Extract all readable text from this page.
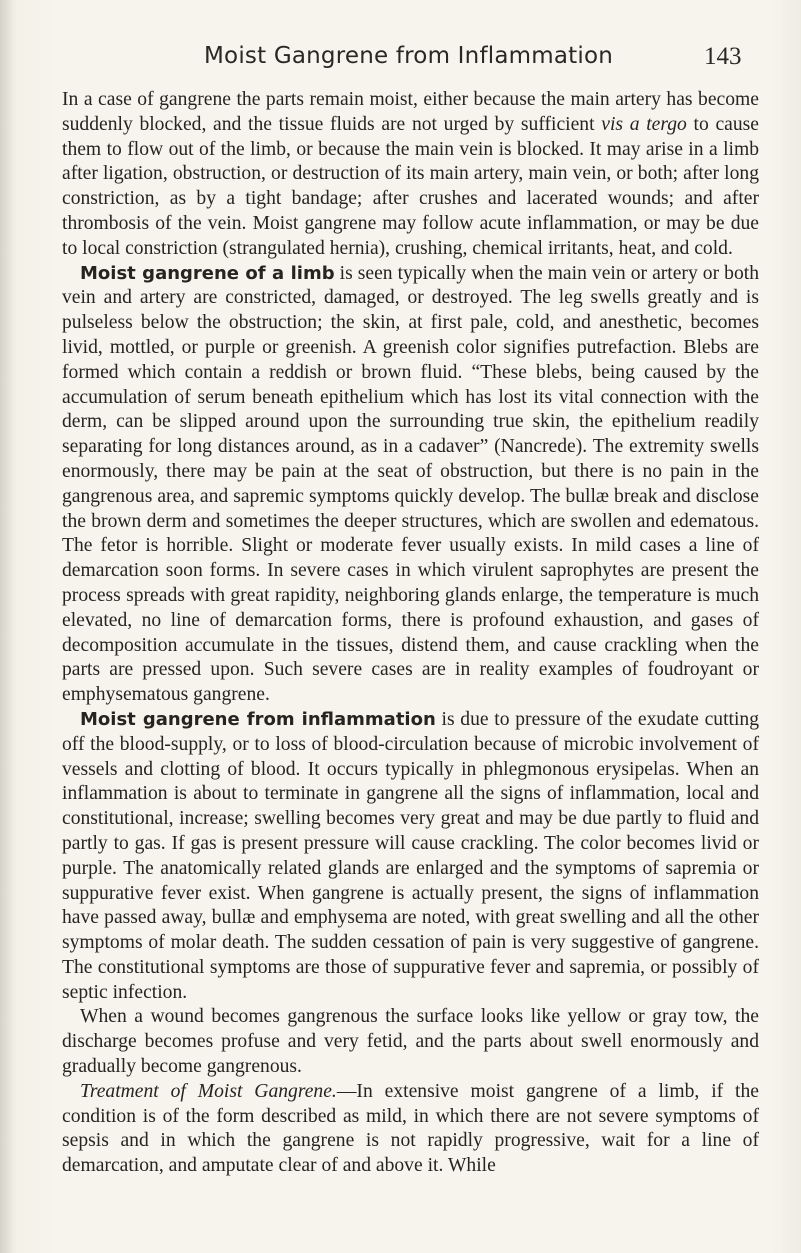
Moist Gangrene from Inflammation	143

In a case of gangrene the parts remain moist, either because the main artery has become suddenly blocked, and the tissue fluids are not urged by sufficient vis a tergo to cause them to flow out of the limb, or because the main vein is blocked. It may arise in a limb after ligation, obstruction, or destruction of its main artery, main vein, or both; after long constriction, as by a tight bandage; after crushes and lacerated wounds; and after thrombosis of the vein. Moist gangrene may follow acute inflammation, or may be due to local constriction (strangulated hernia), crushing, chemical irritants, heat, and cold.

Moist gangrene of a limb is seen typically when the main vein or artery or both vein and artery are constricted, damaged, or destroyed. The leg swells greatly and is pulseless below the obstruction; the skin, at first pale, cold, and anesthetic, becomes livid, mottled, or purple or greenish. A greenish color signifies putrefaction. Blebs are formed which contain a reddish or brown fluid. “These blebs, being caused by the accumulation of serum beneath epithelium which has lost its vital connection with the derm, can be slipped around upon the surrounding true skin, the epithelium readily separating for long distances around, as in a cadaver” (Nancrede). The extremity swells enormously, there may be pain at the seat of obstruction, but there is no pain in the gangrenous area, and sapremic symptoms quickly develop. The bullæ break and disclose the brown derm and sometimes the deeper structures, which are swollen and edematous. The fetor is horrible. Slight or moderate fever usually exists. In mild cases a line of demarcation soon forms. In severe cases in which virulent saprophytes are present the process spreads with great rapidity, neighboring glands enlarge, the temperature is much elevated, no line of demarcation forms, there is profound exhaustion, and gases of decomposition accumulate in the tissues, distend them, and cause crackling when the parts are pressed upon. Such severe cases are in reality examples of foudroyant or emphysematous gangrene.

Moist gangrene from inflammation is due to pressure of the exudate cutting off the blood-supply, or to loss of blood-circulation because of microbic involvement of vessels and clotting of blood. It occurs typically in phlegmonous erysipelas. When an inflammation is about to terminate in gangrene all the signs of inflammation, local and constitutional, increase; swelling becomes very great and may be due partly to fluid and partly to gas. If gas is present pressure will cause crackling. The color becomes livid or purple. The anatomically related glands are enlarged and the symptoms of sapremia or suppurative fever exist. When gangrene is actually present, the signs of inflammation have passed away, bullæ and emphysema are noted, with great swelling and all the other symptoms of molar death. The sudden cessation of pain is very suggestive of gangrene. The constitutional symptoms are those of suppurative fever and sapremia, or possibly of septic infection.

When a wound becomes gangrenous the surface looks like yellow or gray tow, the discharge becomes profuse and very fetid, and the parts about swell enormously and gradually become gangrenous.

Treatment of Moist Gangrene.—In extensive moist gangrene of a limb, if the condition is of the form described as mild, in which there are not severe symptoms of sepsis and in which the gangrene is not rapidly progressive, wait for a line of demarcation, and amputate clear of and above it. While
